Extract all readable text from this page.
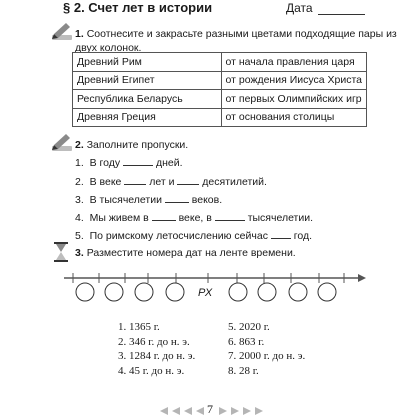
§ 2. Счет лет в истории	Дата
1. Соотнесите и закрасьте разными цветами подходящие пары из
двух колонок.
Древний Рим	от начала правления царя
Древний Египет	от рождения Иисуса Христа
Республика Беларусь	от первых Олимпийских игр
Древняя Греция	от основания столицы
2. Заполните пропуски.
1. В году	дней.
2. В веке	лет и	десятилетий.
3. В тысячелетии	веков.
4. Мы живем в	веке, в	тысячелетии.
5. По римскому летосчислению сейчас год.
3. Разместите номера дат на ленте времени.
РХ
1. 1365 г.
2. 346 г. до н. э.
3. 1284 г. до н. э.
4. 45 г. до н. э.
5. 2020 г.
6. 863 г.
7. 2000 г. до н. э.
8. 28 г.
7
